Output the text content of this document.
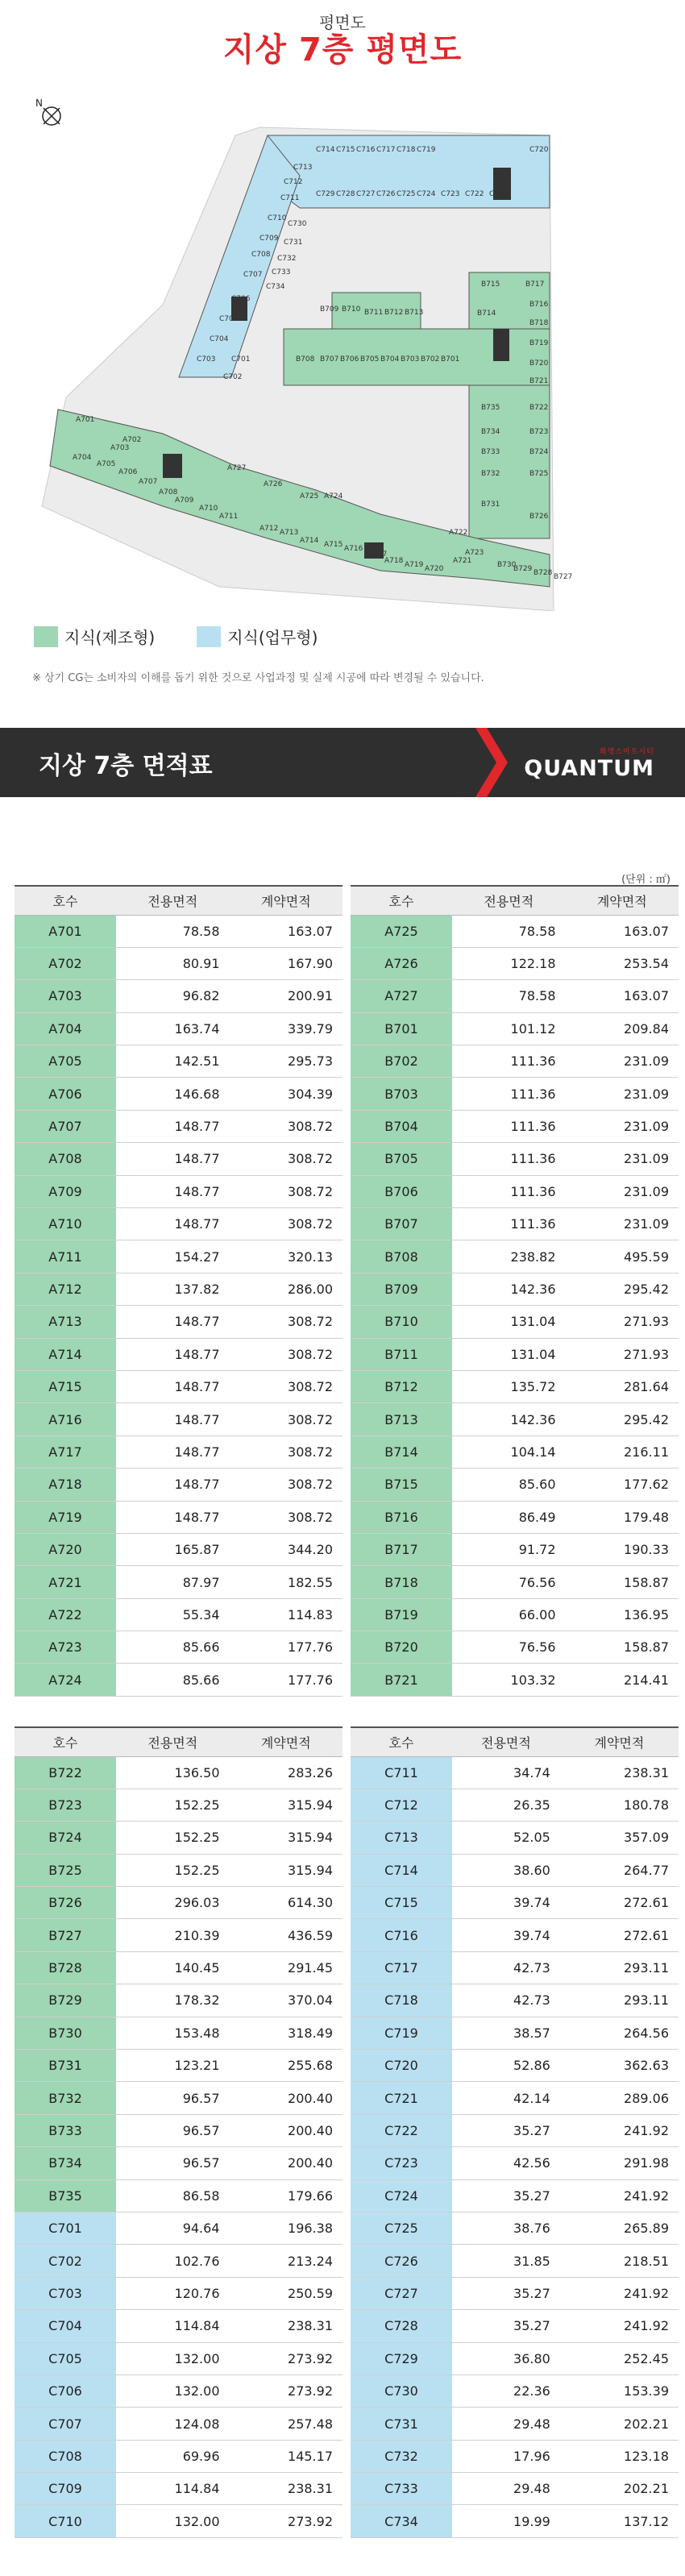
평면도
지상 7층 평면도
N
C713
C714 C715 C716 C717 C718 C719	C720
C712
C711 C729 C728 C727 C726 C725 C724 C723 C722 C721
C710
C730
C709 C731
C708 C732
C733
C707
C734
C706
C705
C704
C703 C701
C702
B715	B717
B716
B714
B718
B719
B720
B721
B709 B710 B711 B712 B713
B708 B707 B706 B705 B704 B703 B702 B701
B735	B722
B734	B723
B733	B724
B732	B725
B731
B726
B730
B729 B728 B727
A701
A702
A703
A704
A705
A706
A707
A708
A709
A710
A711
A727
A726
A725 A724
A712 A713
A714 A715 A716
A717
A718 A719 A720
A721
A722
A723
지식(제조형)	지식(업무형)
※ 상기 CG는 소비자의 이해를 돕기 위한 것으로 사업과정 및 실제 시공에 따라 변경될 수 있습니다.
지상 7층 면적표	화명스마트시티
QUANTUM
(단위 : ㎡)
호수	전용면적	계약면적
A701	78.58	163.07
A702	80.91	167.90
A703	96.82	200.91
A704	163.74	339.79
A705	142.51	295.73
A706	146.68	304.39
A707	148.77	308.72
A708	148.77	308.72
A709	148.77	308.72
A710	148.77	308.72
A711	154.27	320.13
A712	137.82	286.00
A713	148.77	308.72
A714	148.77	308.72
A715	148.77	308.72
A716	148.77	308.72
A717	148.77	308.72
A718	148.77	308.72
A719	148.77	308.72
A720	165.87	344.20
A721	87.97	182.55
A722	55.34	114.83
A723	85.66	177.76
A724	85.66	177.76
호수	전용면적	계약면적
A725	78.58	163.07
A726	122.18	253.54
A727	78.58	163.07
B701	101.12	209.84
B702	111.36	231.09
B703	111.36	231.09
B704	111.36	231.09
B705	111.36	231.09
B706	111.36	231.09
B707	111.36	231.09
B708	238.82	495.59
B709	142.36	295.42
B710	131.04	271.93
B711	131.04	271.93
B712	135.72	281.64
B713	142.36	295.42
B714	104.14	216.11
B715	85.60	177.62
B716	86.49	179.48
B717	91.72	190.33
B718	76.56	158.87
B719	66.00	136.95
B720	76.56	158.87
B721	103.32	214.41
호수	전용면적	계약면적
B722	136.50	283.26
B723	152.25	315.94
B724	152.25	315.94
B725	152.25	315.94
B726	296.03	614.30
B727	210.39	436.59
B728	140.45	291.45
B729	178.32	370.04
B730	153.48	318.49
B731	123.21	255.68
B732	96.57	200.40
B733	96.57	200.40
B734	96.57	200.40
B735	86.58	179.66
C701	94.64	196.38
C702	102.76	213.24
C703	120.76	250.59
C704	114.84	238.31
C705	132.00	273.92
C706	132.00	273.92
C707	124.08	257.48
C708	69.96	145.17
C709	114.84	238.31
C710	132.00	273.92
호수	전용면적	계약면적
C711	34.74	238.31
C712	26.35	180.78
C713	52.05	357.09
C714	38.60	264.77
C715	39.74	272.61
C716	39.74	272.61
C717	42.73	293.11
C718	42.73	293.11
C719	38.57	264.56
C720	52.86	362.63
C721	42.14	289.06
C722	35.27	241.92
C723	42.56	291.98
C724	35.27	241.92
C725	38.76	265.89
C726	31.85	218.51
C727	35.27	241.92
C728	35.27	241.92
C729	36.80	252.45
C730	22.36	153.39
C731	29.48	202.21
C732	17.96	123.18
C733	29.48	202.21
C734	19.99	137.12
